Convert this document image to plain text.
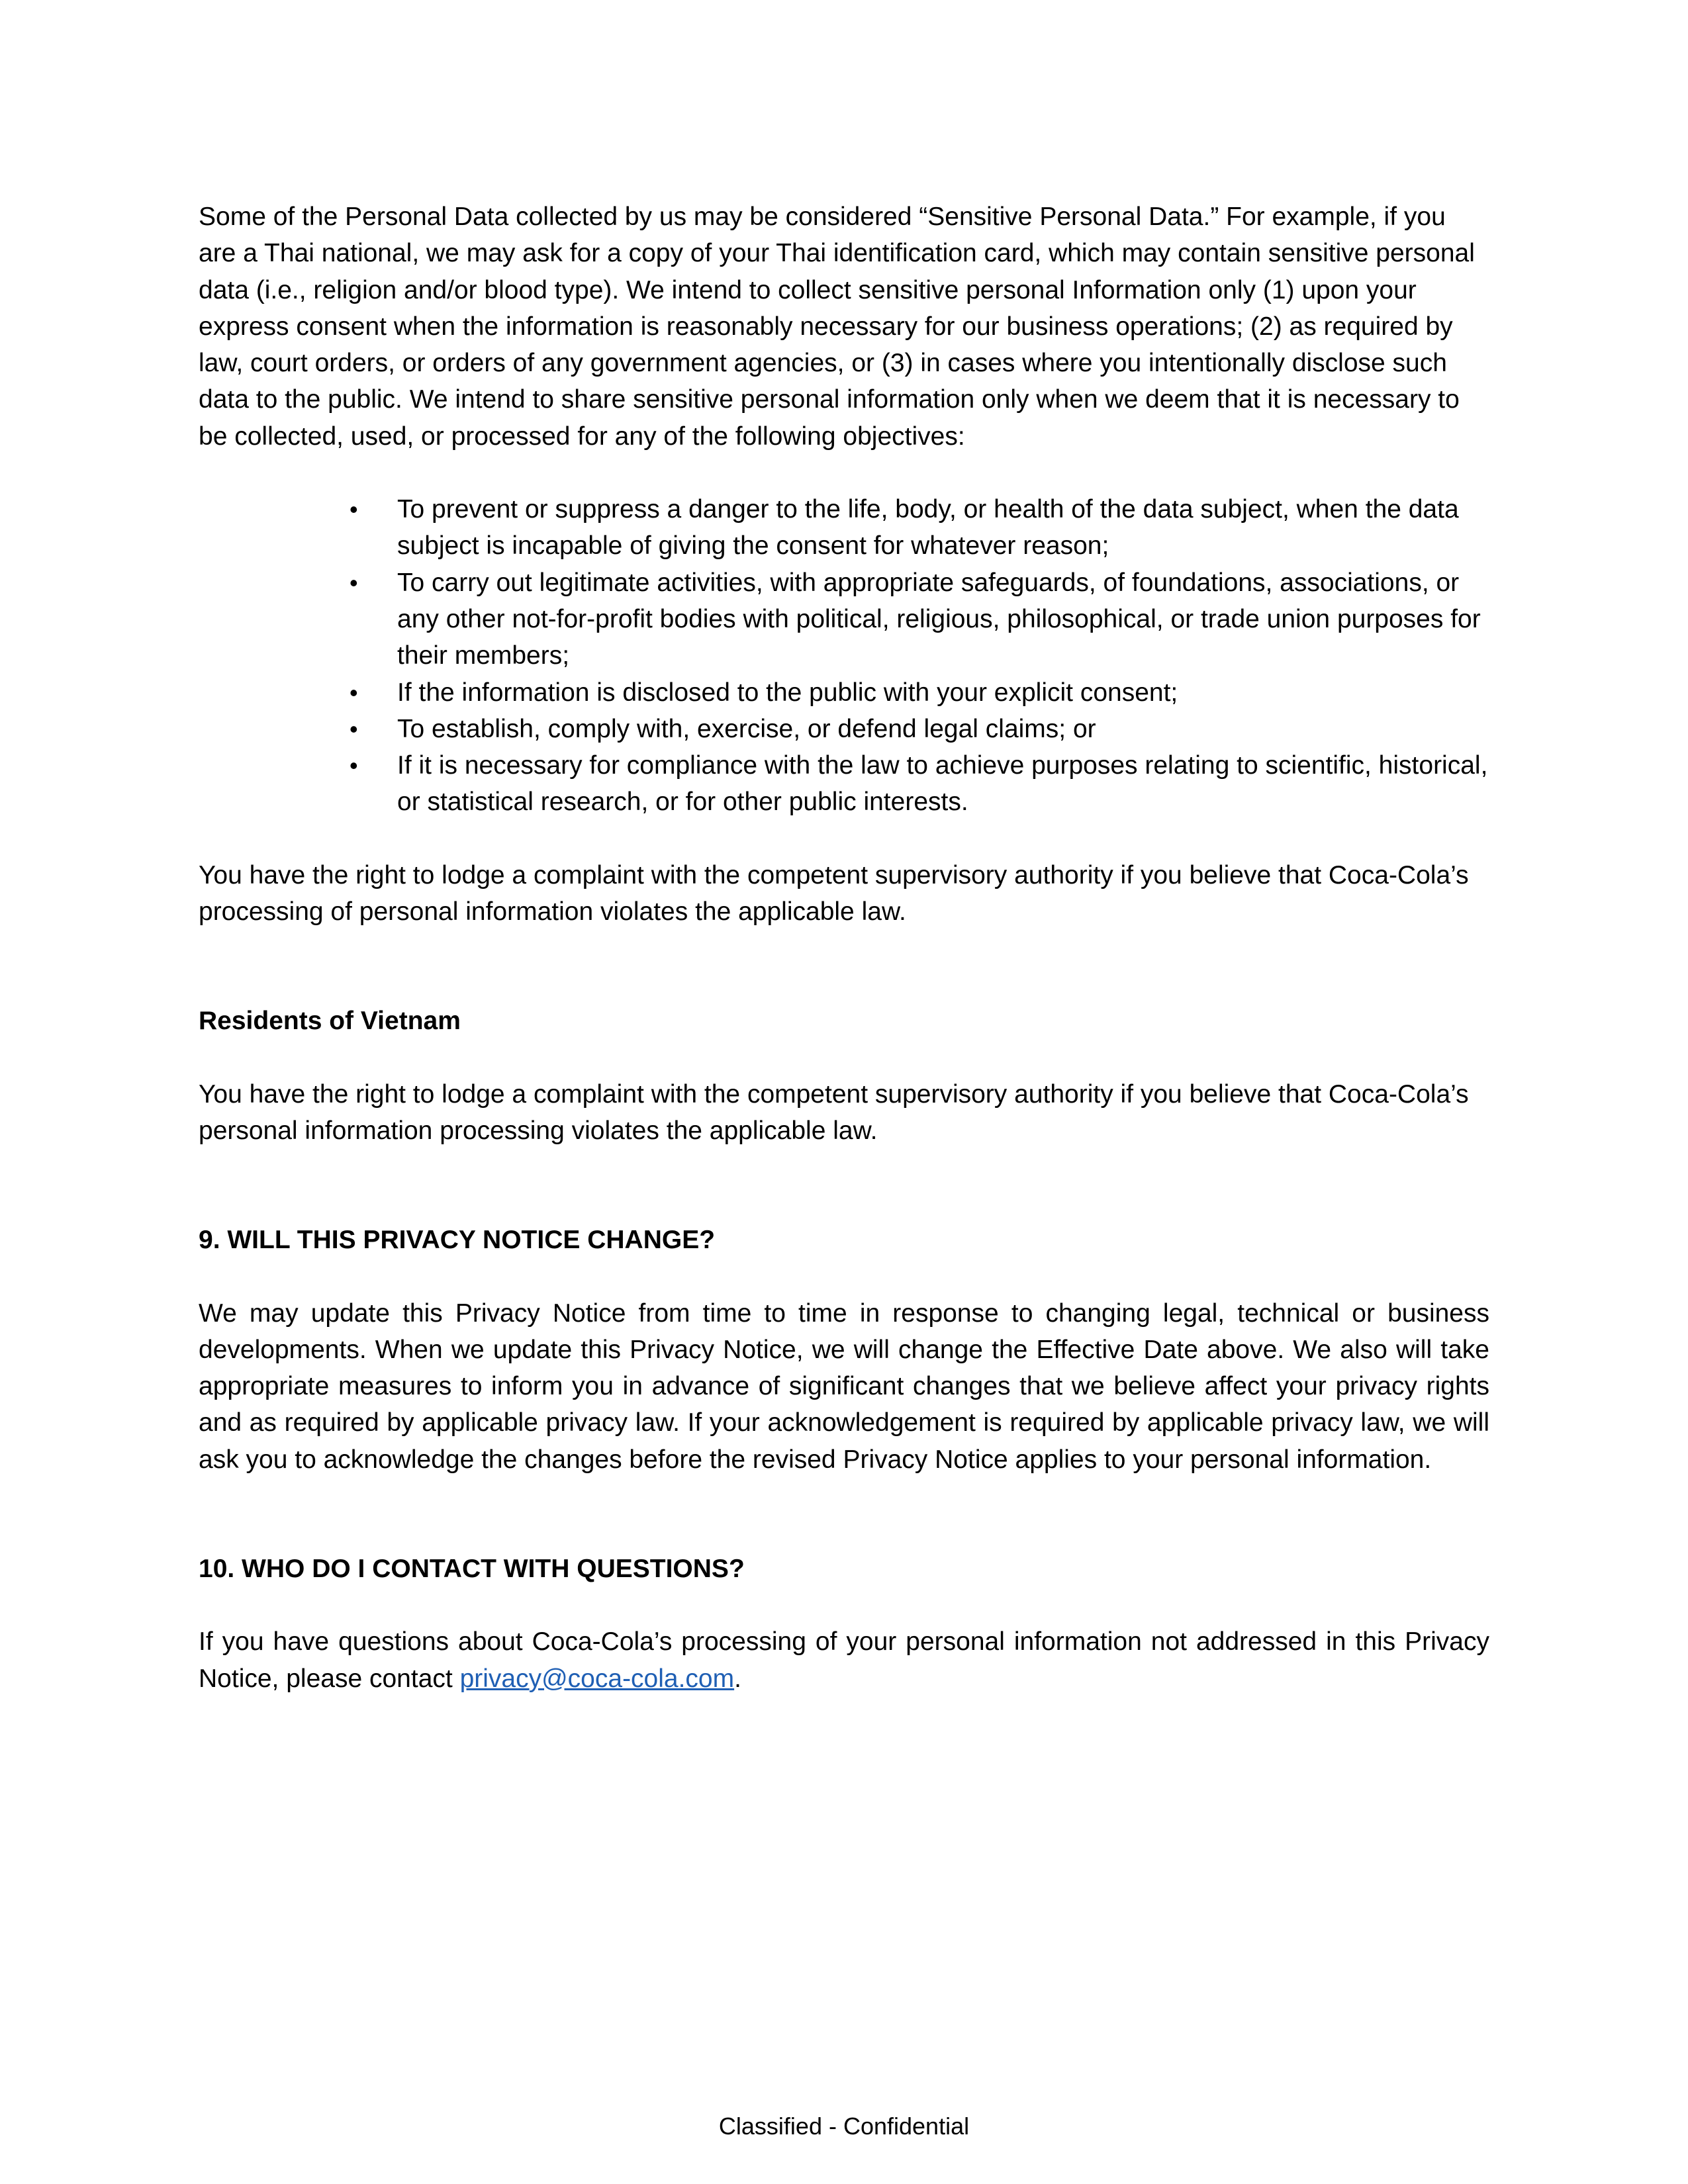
Some of the Personal Data collected by us may be considered “Sensitive Personal Data.” For example, if you are a Thai national, we may ask for a copy of your Thai identification card, which may contain sensitive personal data (i.e., religion and/or blood type). We intend to collect sensitive personal Information only (1) upon your express consent when the information is reasonably necessary for our business operations; (2) as required by law, court orders, or orders of any government agencies, or (3) in cases where you intentionally disclose such data to the public. We intend to share sensitive personal information only when we deem that it is necessary to be collected, used, or processed for any of the following objectives:

• To prevent or suppress a danger to the life, body, or health of the data subject, when the data subject is incapable of giving the consent for whatever reason;
• To carry out legitimate activities, with appropriate safeguards, of foundations, associations, or any other not-for-profit bodies with political, religious, philosophical, or trade union purposes for their members;
• If the information is disclosed to the public with your explicit consent;
• To establish, comply with, exercise, or defend legal claims; or
• If it is necessary for compliance with the law to achieve purposes relating to scientific, historical, or statistical research, or for other public interests.

You have the right to lodge a complaint with the competent supervisory authority if you believe that Coca-Cola’s processing of personal information violates the applicable law.

Residents of Vietnam

You have the right to lodge a complaint with the competent supervisory authority if you believe that Coca-Cola’s personal information processing violates the applicable law.

9. WILL THIS PRIVACY NOTICE CHANGE?

We may update this Privacy Notice from time to time in response to changing legal, technical or business developments. When we update this Privacy Notice, we will change the Effective Date above. We also will take appropriate measures to inform you in advance of significant changes that we believe affect your privacy rights and as required by applicable privacy law. If your acknowledgement is required by applicable privacy law, we will ask you to acknowledge the changes before the revised Privacy Notice applies to your personal information.

10. WHO DO I CONTACT WITH QUESTIONS?

If you have questions about Coca-Cola’s processing of your personal information not addressed in this Privacy Notice, please contact privacy@coca-cola.com.

Classified - Confidential
